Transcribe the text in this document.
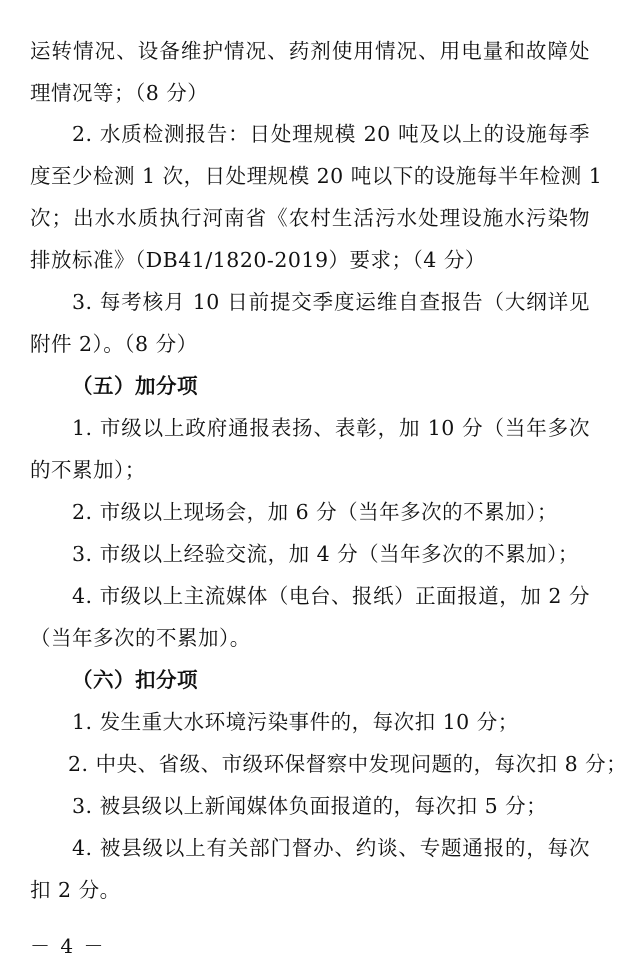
运转情况、设备维护情况、药剂使用情况、用电量和故障处
理情况等；（8 分）
2. 水质检测报告：日处理规模 20 吨及以上的设施每季
度至少检测 1 次，日处理规模 20 吨以下的设施每半年检测 1
次；出水水质执行河南省《农村生活污水处理设施水污染物
排放标准》（DB41/1820-2019）要求；（4 分）
3. 每考核月 10 日前提交季度运维自查报告（大纲详见
附件 2）。（8 分）
（五）加分项
1. 市级以上政府通报表扬、表彰，加 10 分（当年多次
的不累加）；
2. 市级以上现场会，加 6 分（当年多次的不累加）；
3. 市级以上经验交流，加 4 分（当年多次的不累加）；
4. 市级以上主流媒体（电台、报纸）正面报道，加 2 分
（当年多次的不累加）。
（六）扣分项
1. 发生重大水环境污染事件的，每次扣 10 分；
2. 中央、省级、市级环保督察中发现问题的，每次扣 8 分；
3. 被县级以上新闻媒体负面报道的，每次扣 5 分；
4. 被县级以上有关部门督办、约谈、专题通报的，每次
扣 2 分。
－ 4 －
